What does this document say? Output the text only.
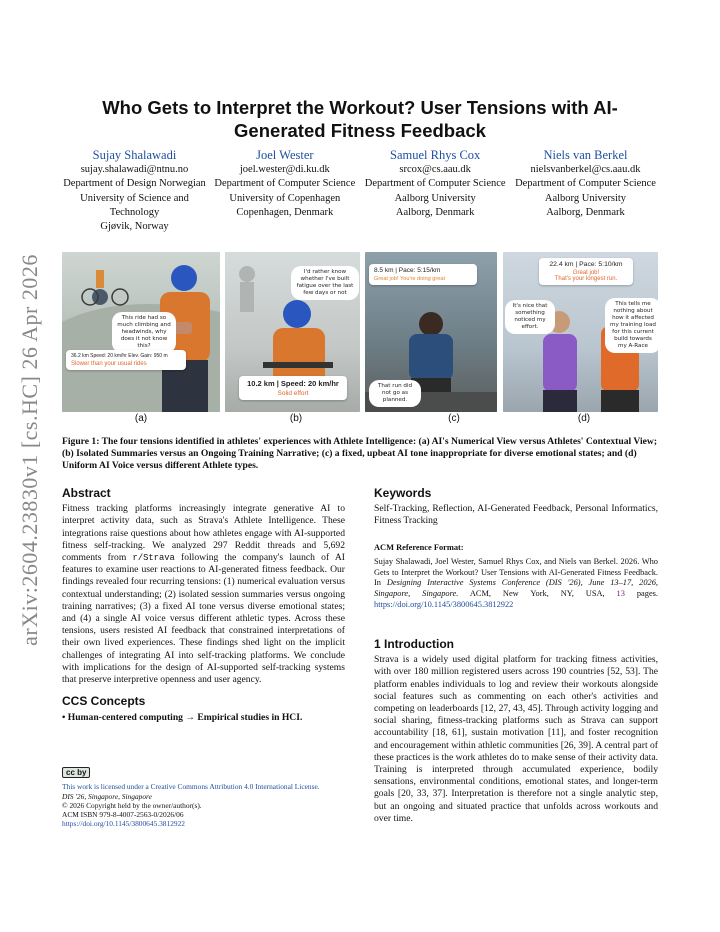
arXiv:2604.23830v1 [cs.HC] 26 Apr 2026
Who Gets to Interpret the Workout? User Tensions with AI-Generated Fitness Feedback
Sujay Shalawadi
sujay.shalawadi@ntnu.no
Department of Design Norwegian University of Science and Technology
Gjøvik, Norway
Joel Wester
joel.wester@di.ku.dk
Department of Computer Science University of Copenhagen
Copenhagen, Denmark
Samuel Rhys Cox
srcox@cs.aau.dk
Department of Computer Science Aalborg University
Aalborg, Denmark
Niels van Berkel
nielsvanberkel@cs.aau.dk
Department of Computer Science Aalborg University
Aalborg, Denmark
This ride had so much climbing and headwinds, why does it not know this?
36.2 km Speed: 20 km/hr Elev. Gain: 950 m
Slower than your usual rides
I'd rather know whether I've built fatigue over the last few days or not
10.2 km | Speed: 20 km/hr
Solid effort
8.5 km | Pace: 5:15/km
Great job! You're doing great
That run did not go as planned.
22.4 km | Pace: 5:10/km
Great job!
That's your longest run.
It's nice that something noticed my effort.
This tells me nothing about how it affected my training load for this current build towards my A-Race
(a)	(b)	(c)	(d)
Figure 1: The four tensions identified in athletes' experiences with Athlete Intelligence: (a) AI's Numerical View versus Athletes' Contextual View; (b) Isolated Summaries versus an Ongoing Training Narrative; (c) a fixed, upbeat AI tone inappropriate for diverse emotional states; and (d) Uniform AI Voice versus different Athlete types.
Abstract
Fitness tracking platforms increasingly integrate generative AI to interpret activity data, such as Strava's Athlete Intelligence. These integrations raise questions about how athletes engage with AI-supported fitness self-tracking. We analyzed 297 Reddit threads and 5,692 comments from r/Strava following the company's launch of AI features to examine user reactions to AI-generated fitness feedback. Our findings revealed four recurring tensions: (1) numerical evaluation versus contextual understanding; (2) isolated session summaries versus ongoing training narratives; (3) a fixed AI tone versus diverse emotional states; and (4) a single AI voice versus different athletic types. Across these tensions, users resisted AI feedback that constrained interpretations of their own lived experiences. These findings shed light on the implicit challenges of integrating AI into self-tracking platforms. We conclude with implications for the design of AI-supported self-tracking systems that preserve interpretive openness and user agency.
CCS Concepts
• Human-centered computing → Empirical studies in HCI.
cc by
This work is licensed under a Creative Commons Attribution 4.0 International License.
DIS '26, Singapore, Singapore
© 2026 Copyright held by the owner/author(s).
ACM ISBN 979-8-4007-2563-0/2026/06
https://doi.org/10.1145/3800645.3812922
Keywords
Self-Tracking, Reflection, AI-Generated Feedback, Personal Informatics, Fitness Tracking
ACM Reference Format:
Sujay Shalawadi, Joel Wester, Samuel Rhys Cox, and Niels van Berkel. 2026. Who Gets to Interpret the Workout? User Tensions with AI-Generated Fitness Feedback. In Designing Interactive Systems Conference (DIS '26), June 13–17, 2026, Singapore, Singapore. ACM, New York, NY, USA, 13 pages. https://doi.org/10.1145/3800645.3812922
1 Introduction
Strava is a widely used digital platform for tracking fitness activities, with over 180 million registered users across 190 countries [52, 53]. The platform enables individuals to log and review their workouts alongside social features such as commenting on each other's activities and competing on leaderboards [12, 27, 43, 45]. Through activity logging and social sharing, fitness-tracking platforms such as Strava can support accountability [18, 61], sustain motivation [11], and foster recognition and encouragement within athletic communities [26, 39]. A central part of these practices is the work athletes do to make sense of their activity data. Training is interpreted through accumulated experience, bodily sensations, environmental conditions, emotional states, and longer-term goals [20, 33, 37]. Interpretation is therefore not a single analytic step, but an ongoing and situated practice that unfolds across workouts and over time.
